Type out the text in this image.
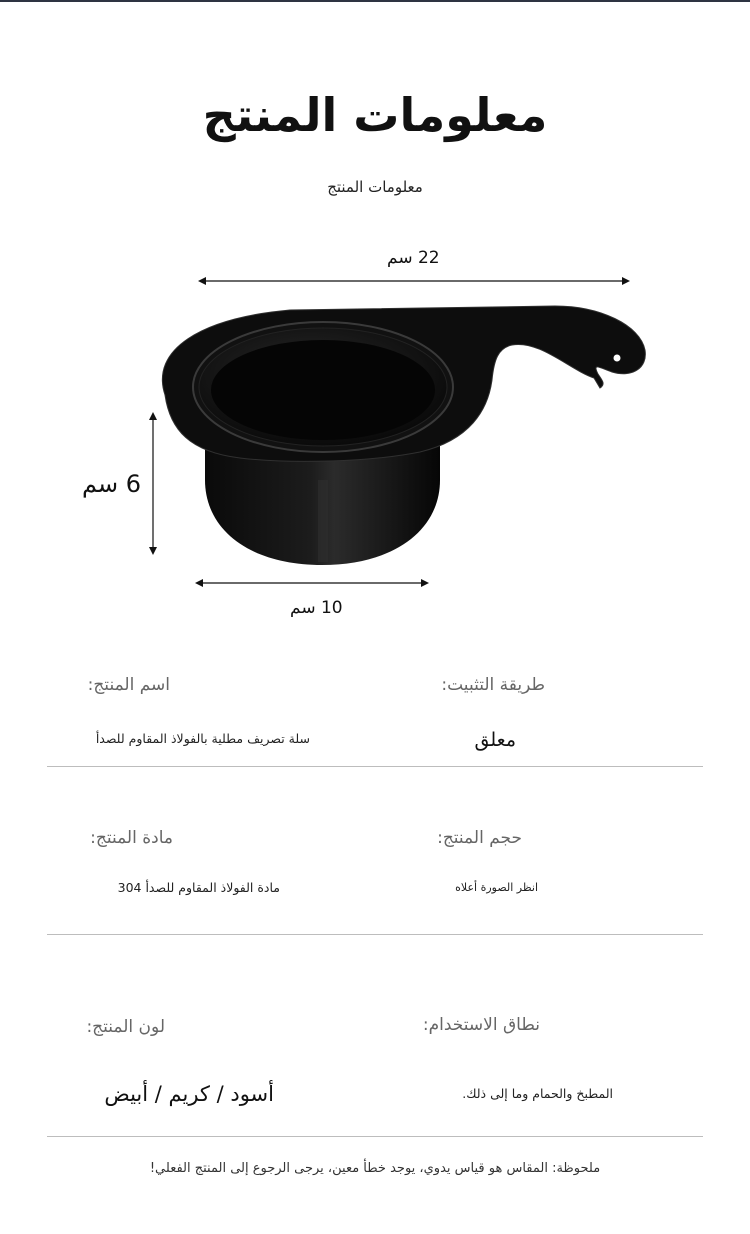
معلومات المنتج
معلومات المنتج
22 سم
6 سم
10 سم
اسم المنتج:	طريقة التثبيت:
سلة تصريف مطلية بالفولاذ المقاوم للصدأ	معلق
مادة المنتج:	حجم المنتج:
مادة الفولاذ المقاوم للصدأ 304	انظر الصورة أعلاه
لون المنتج:	نطاق الاستخدام:
أسود / كريم / أبيض	المطبخ والحمام وما إلى ذلك.
ملحوظة: المقاس هو قياس يدوي، يوجد خطأ معين، يرجى الرجوع إلى المنتج الفعلي!
